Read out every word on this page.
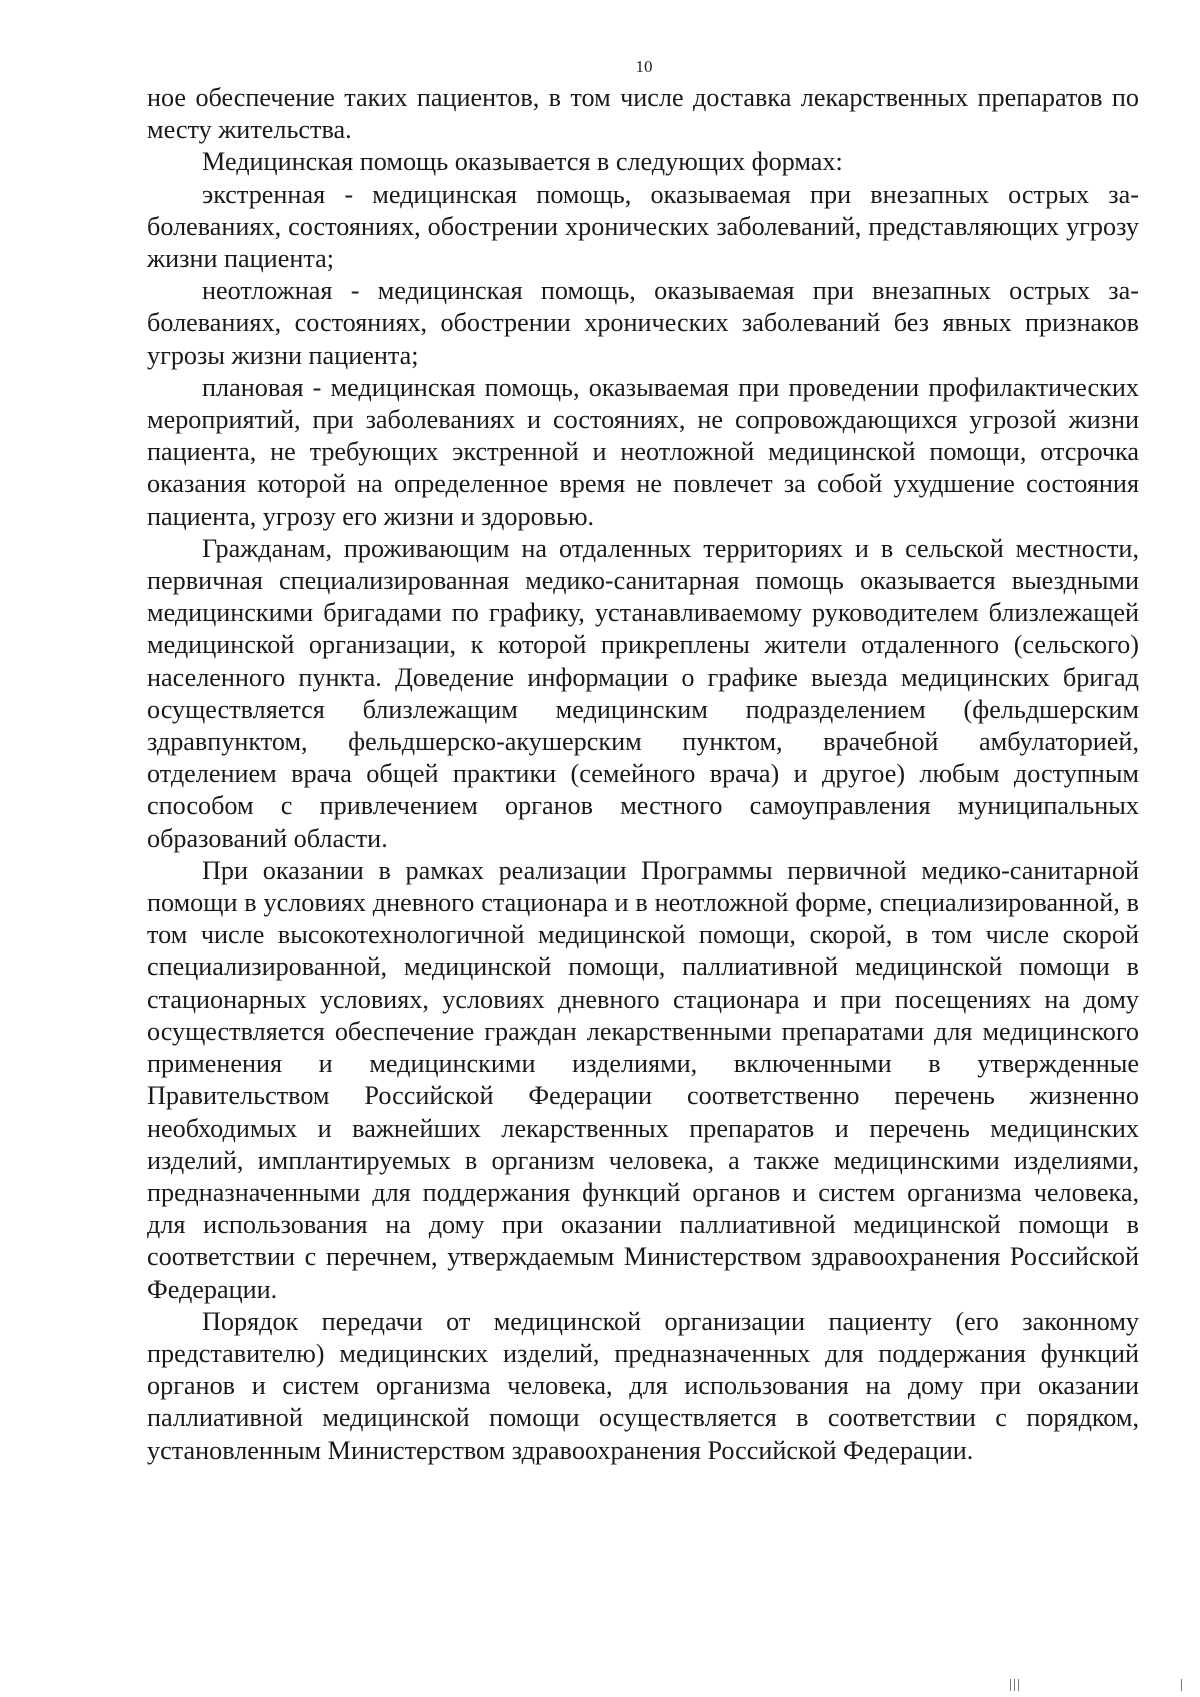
10

ное обеспечение таких пациентов, в том числе доставка лекарственных препаратов по месту жительства.

Медицинская помощь оказывается в следующих формах:

экстренная - медицинская помощь, оказываемая при внезапных острых заболеваниях, состояниях, обострении хронических заболеваний, представляющих угрозу жизни пациента;

неотложная - медицинская помощь, оказываемая при внезапных острых заболеваниях, состояниях, обострении хронических заболеваний без явных признаков угрозы жизни пациента;

плановая - медицинская помощь, оказываемая при проведении профилактических мероприятий, при заболеваниях и состояниях, не сопровождающихся угрозой жизни пациента, не требующих экстренной и неотложной медицинской помощи, отсрочка оказания которой на определенное время не повлечет за собой ухудшение состояния пациента, угрозу его жизни и здоровью.

Гражданам, проживающим на отдаленных территориях и в сельской местности, первичная специализированная медико-санитарная помощь оказывается выездными медицинскими бригадами по графику, устанавливаемому руководителем близлежащей медицинской организации, к которой прикреплены жители отдаленного (сельского) населенного пункта. Доведение информации о графике выезда медицинских бригад осуществляется близлежащим медицинским подразделением (фельдшерским здравпунктом, фельдшерско-акушерским пунктом, врачебной амбулаторией, отделением врача общей практики (семейного врача) и другое) любым доступным способом с привлечением органов местного самоуправления муниципальных образований области.

При оказании в рамках реализации Программы первичной медико-санитарной помощи в условиях дневного стационара и в неотложной форме, специализированной, в том числе высокотехнологичной медицинской помощи, скорой, в том числе скорой специализированной, медицинской помощи, паллиативной медицинской помощи в стационарных условиях, условиях дневного стационара и при посещениях на дому осуществляется обеспечение граждан лекарственными препаратами для медицинского применения и медицинскими изделиями, включенными в утвержденные Правительством Российской Федерации соответственно перечень жизненно необходимых и важнейших лекарственных препаратов и перечень медицинских изделий, имплантируемых в организм человека, а также медицинскими изделиями, предназначенными для поддержания функций органов и систем организма человека, для использования на дому при оказании паллиативной медицинской помощи в соответствии с перечнем, утверждаемым Министерством здравоохранения Российской Федерации.

Порядок передачи от медицинской организации пациенту (его законному представителю) медицинских изделий, предназначенных для поддержания функций органов и систем организма человека, для использования на дому при оказании паллиативной медицинской помощи осуществляется в соответствии с порядком, установленным Министерством здравоохранения Российской Федерации.
